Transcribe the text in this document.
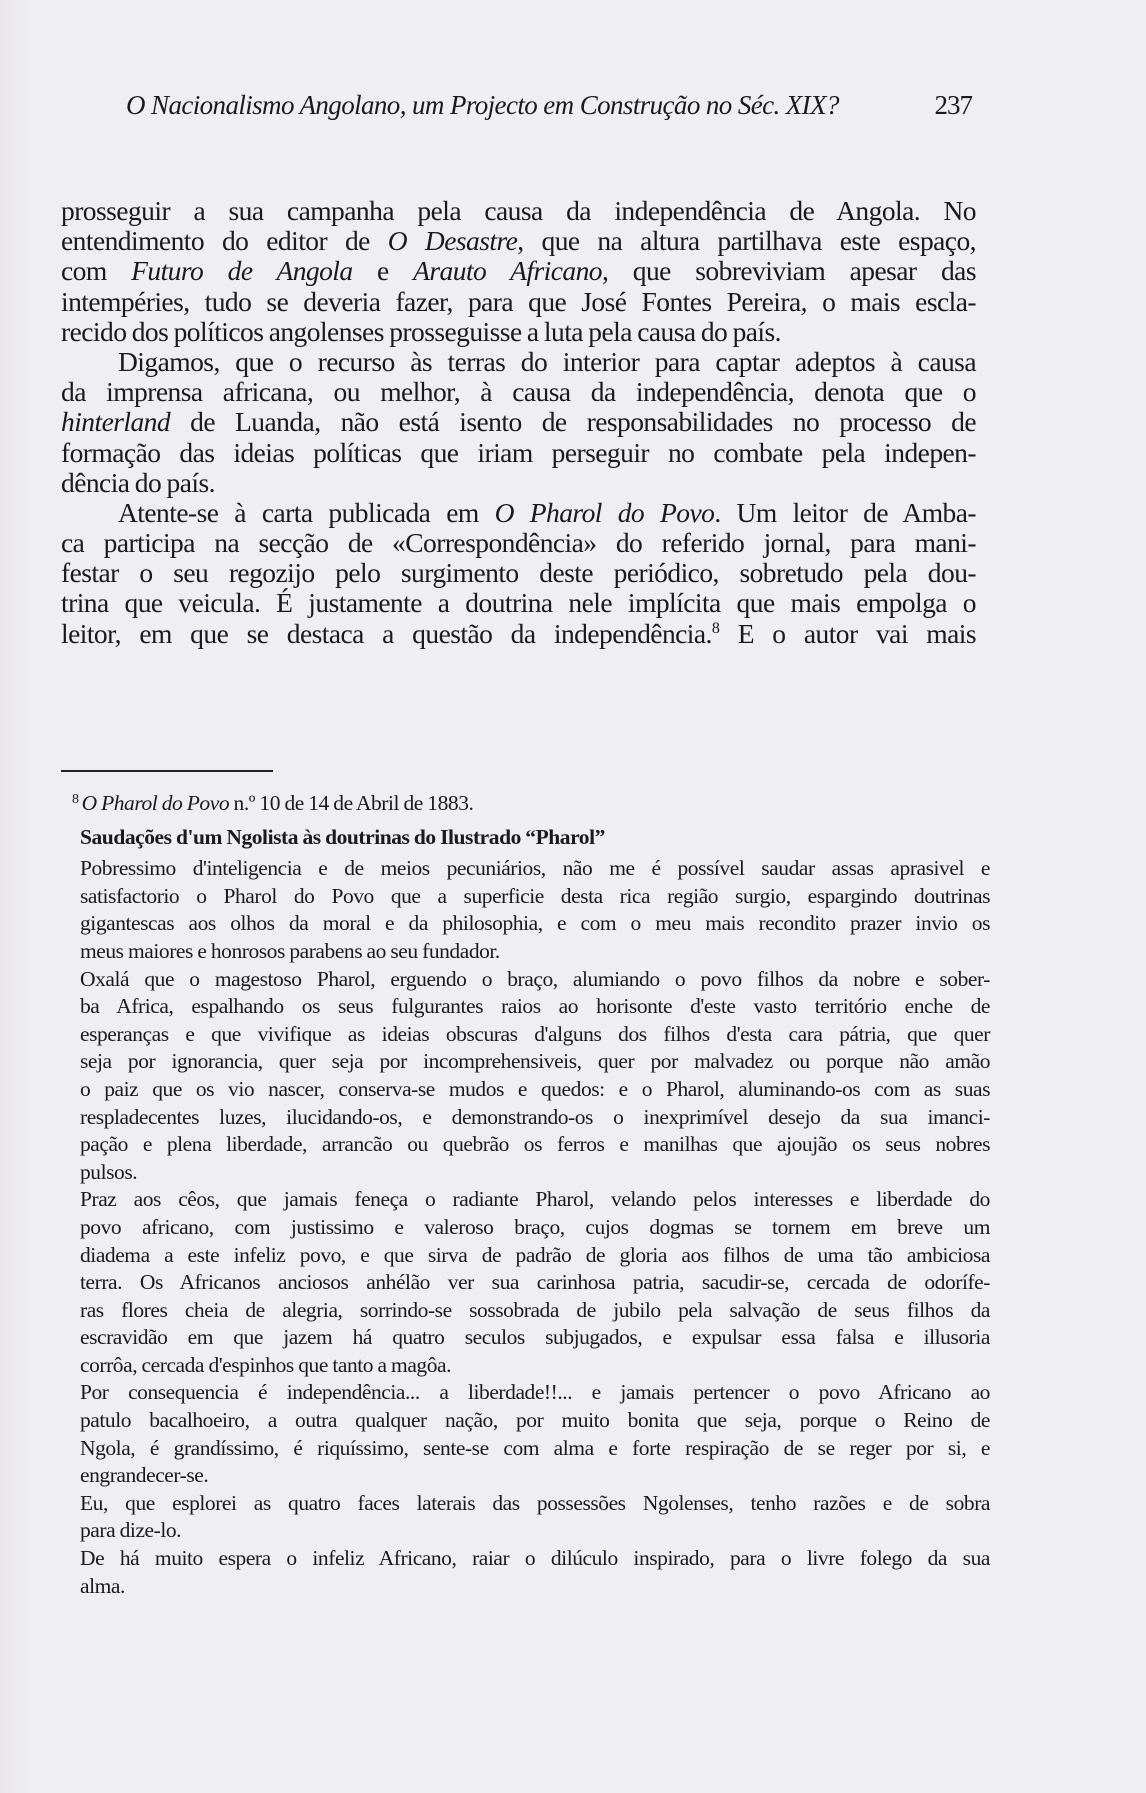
O Nacionalismo Angolano, um Projecto em Construção no Séc. XIX?	237
prosseguir a sua campanha pela causa da independência de Angola. No
entendimento do editor de O Desastre, que na altura partilhava este espaço,
com Futuro de Angola e Arauto Africano, que sobreviviam apesar das
intempéries, tudo se deveria fazer, para que José Fontes Pereira, o mais escla-
recido dos políticos angolenses prosseguisse a luta pela causa do país.
Digamos, que o recurso às terras do interior para captar adeptos à causa
da imprensa africana, ou melhor, à causa da independência, denota que o
hinterland de Luanda, não está isento de responsabilidades no processo de
formação das ideias políticas que iriam perseguir no combate pela indepen-
dência do país.
Atente-se à carta publicada em O Pharol do Povo. Um leitor de Amba-
ca participa na secção de «Correspondência» do referido jornal, para mani-
festar o seu regozijo pelo surgimento deste periódico, sobretudo pela dou-
trina que veicula. É justamente a doutrina nele implícita que mais empolga o
leitor, em que se destaca a questão da independência.$^8$ E o autor vai mais
$^8$ O Pharol do Povo n.º 10 de 14 de Abril de 1883.
Saudações d'um Ngolista às doutrinas do Ilustrado “Pharol”
Pobressimo d'inteligencia e de meios pecuniários, não me é possível saudar assas aprasivel e
satisfactorio o Pharol do Povo que a superficie desta rica região surgio, espargindo doutrinas
gigantescas aos olhos da moral e da philosophia, e com o meu mais recondito prazer invio os
meus maiores e honrosos parabens ao seu fundador.
Oxalá que o magestoso Pharol, erguendo o braço, alumiando o povo filhos da nobre e sober-
ba Africa, espalhando os seus fulgurantes raios ao horisonte d'este vasto território enche de
esperanças e que vivifique as ideias obscuras d'alguns dos filhos d'esta cara pátria, que quer
seja por ignorancia, quer seja por incomprehensiveis, quer por malvadez ou porque não amão
o paiz que os vio nascer, conserva-se mudos e quedos: e o Pharol, aluminando-os com as suas
respladecentes luzes, ilucidando-os, e demonstrando-os o inexprimível desejo da sua imanci-
pação e plena liberdade, arrancão ou quebrão os ferros e manilhas que ajoujão os seus nobres
pulsos.
Praz aos cêos, que jamais feneça o radiante Pharol, velando pelos interesses e liberdade do
povo africano, com justissimo e valeroso braço, cujos dogmas se tornem em breve um
diadema a este infeliz povo, e que sirva de padrão de gloria aos filhos de uma tão ambiciosa
terra. Os Africanos anciosos anhélão ver sua carinhosa patria, sacudir-se, cercada de odorífe-
ras flores cheia de alegria, sorrindo-se sossobrada de jubilo pela salvação de seus filhos da
escravidão em que jazem há quatro seculos subjugados, e expulsar essa falsa e illusoria
corrôa, cercada d'espinhos que tanto a magôa.
Por consequencia é independência... a liberdade!!... e jamais pertencer o povo Africano ao
patulo bacalhoeiro, a outra qualquer nação, por muito bonita que seja, porque o Reino de
Ngola, é grandíssimo, é riquíssimo, sente-se com alma e forte respiração de se reger por si, e
engrandecer-se.
Eu, que esplorei as quatro faces laterais das possessões Ngolenses, tenho razões e de sobra
para dize-lo.
De há muito espera o infeliz Africano, raiar o dilúculo inspirado, para o livre folego da sua
alma.
